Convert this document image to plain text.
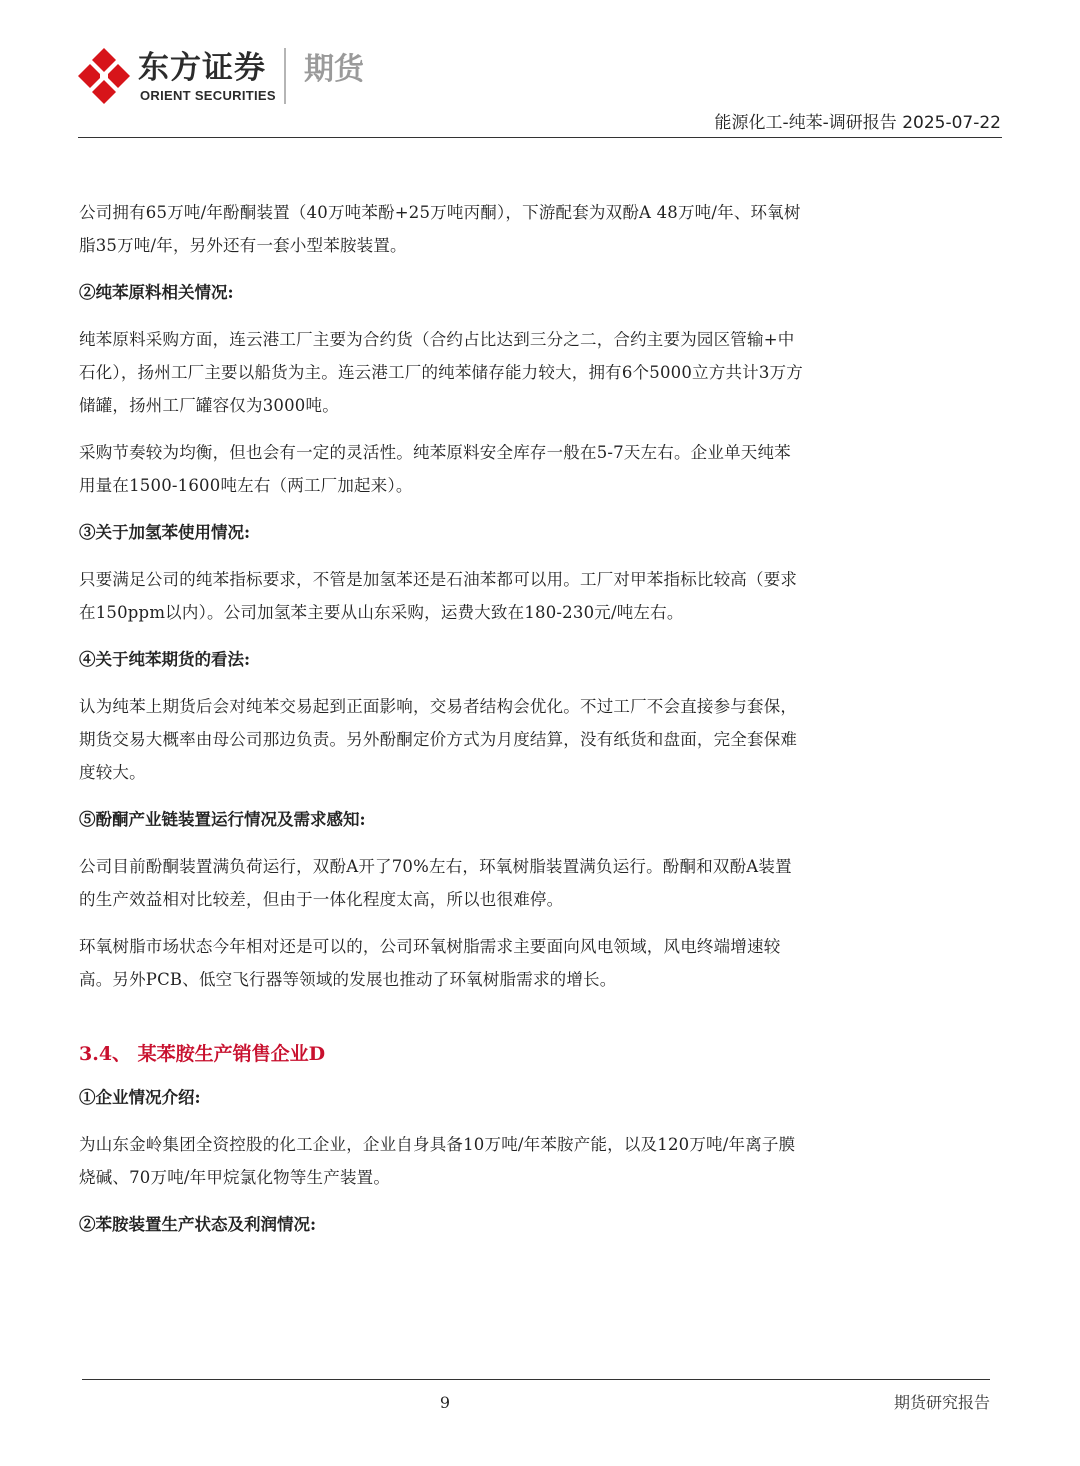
东方证券
ORIENT SECURITIES
期货
能源化工-纯苯-调研报告 2025-07-22

公司拥有65万吨/年酚酮装置（40万吨苯酚+25万吨丙酮），下游配套为双酚A 48万吨/年、环氧树脂35万吨/年，另外还有一套小型苯胺装置。

②纯苯原料相关情况:

纯苯原料采购方面，连云港工厂主要为合约货（合约占比达到三分之二，合约主要为园区管输+中石化），扬州工厂主要以船货为主。连云港工厂的纯苯储存能力较大，拥有6个5000立方共计3万方储罐，扬州工厂罐容仅为3000吨。

采购节奏较为均衡，但也会有一定的灵活性。纯苯原料安全库存一般在5-7天左右。企业单天纯苯用量在1500-1600吨左右（两工厂加起来）。

③关于加氢苯使用情况:

只要满足公司的纯苯指标要求，不管是加氢苯还是石油苯都可以用。工厂对甲苯指标比较高（要求在150ppm以内）。公司加氢苯主要从山东采购，运费大致在180-230元/吨左右。

④关于纯苯期货的看法:

认为纯苯上期货后会对纯苯交易起到正面影响，交易者结构会优化。不过工厂不会直接参与套保，期货交易大概率由母公司那边负责。另外酚酮定价方式为月度结算，没有纸货和盘面，完全套保难度较大。

⑤酚酮产业链装置运行情况及需求感知:

公司目前酚酮装置满负荷运行，双酚A开了70%左右，环氧树脂装置满负运行。酚酮和双酚A装置的生产效益相对比较差，但由于一体化程度太高，所以也很难停。

环氧树脂市场状态今年相对还是可以的，公司环氧树脂需求主要面向风电领域，风电终端增速较高。另外PCB、低空飞行器等领域的发展也推动了环氧树脂需求的增长。

3.4、 某苯胺生产销售企业D

①企业情况介绍:

为山东金岭集团全资控股的化工企业，企业自身具备10万吨/年苯胺产能，以及120万吨/年离子膜烧碱、70万吨/年甲烷氯化物等生产装置。

②苯胺装置生产状态及利润情况:

9	期货研究报告
